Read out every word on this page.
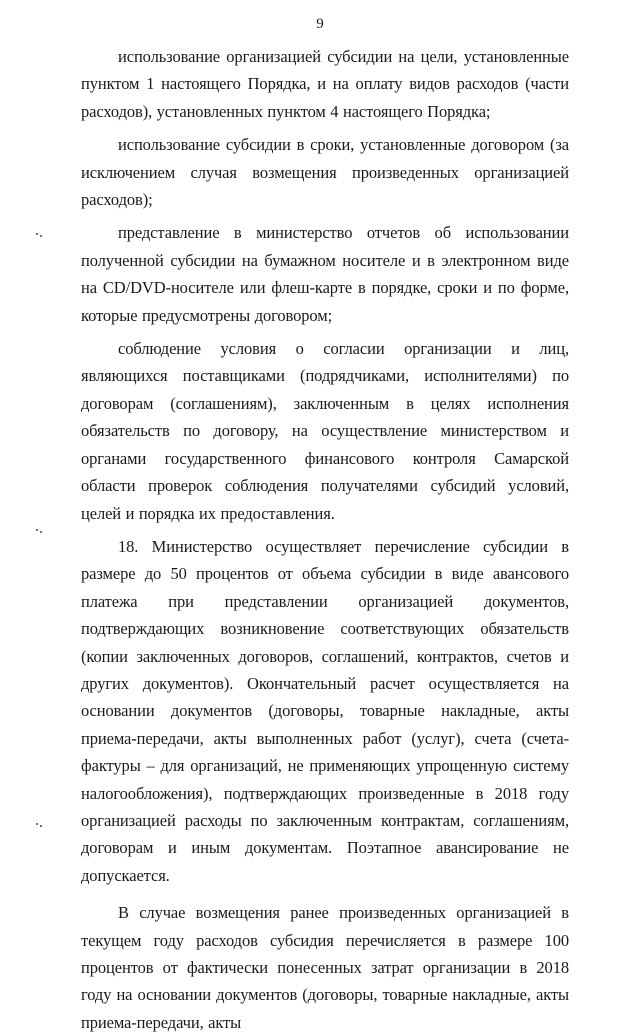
9

использование организацией субсидии на цели, установленные пунктом 1 настоящего Порядка, и на оплату видов расходов (части расходов), установленных пунктом 4 настоящего Порядка;

использование субсидии в сроки, установленные договором (за исключением случая возмещения произведенных организацией расходов);

представление в министерство отчетов об использовании полученной субсидии на бумажном носителе и в электронном виде на CD/DVD-носителе или флеш-карте в порядке, сроки и по форме, которые предусмотрены договором;

соблюдение условия о согласии организации и лиц, являющихся поставщиками (подрядчиками, исполнителями) по договорам (соглашениям), заключенным в целях исполнения обязательств по договору, на осуществление министерством и органами государственного финансового контроля Самарской области проверок соблюдения получателями субсидий условий, целей и порядка их предоставления.

18. Министерство осуществляет перечисление субсидии в размере до 50 процентов от объема субсидии в виде авансового платежа при представлении организацией документов, подтверждающих возникновение соответствующих обязательств (копии заключенных договоров, соглашений, контрактов, счетов и других документов). Окончательный расчет осуществляется на основании документов (договоры, товарные накладные, акты приема-передачи, акты выполненных работ (услуг), счета (счета-фактуры – для организаций, не применяющих упрощенную систему налогообложения), подтверждающих произведенные в 2018 году организацией расходы по заключенным контрактам, соглашениям, договорам и иным документам. Поэтапное авансирование не допускается.

В случае возмещения ранее произведенных организацией в текущем году расходов субсидия перечисляется в размере 100 процентов от фактически понесенных затрат организации в 2018 году на основании документов (договоры, товарные накладные, акты приема-передачи, акты
